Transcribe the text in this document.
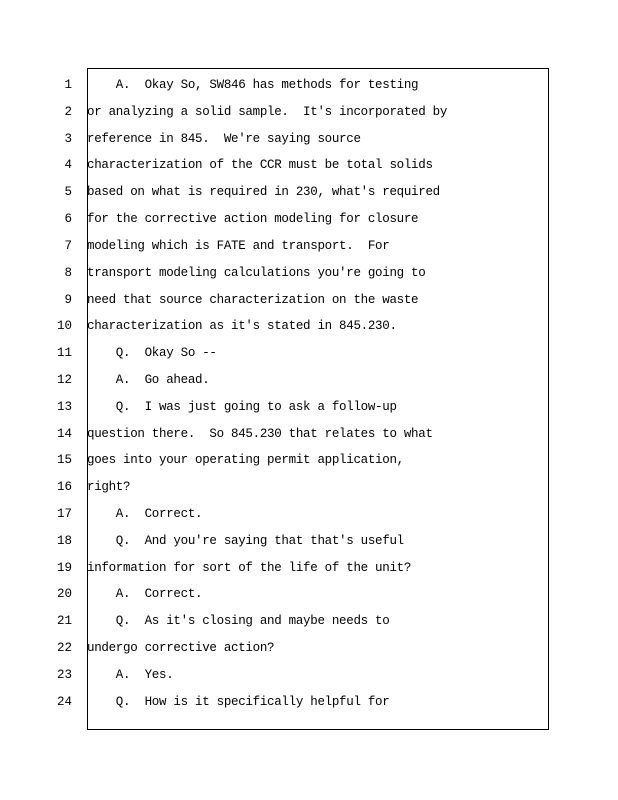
1 A.  Okay So, SW846 has methods for testing
2 or analyzing a solid sample.  It's incorporated by
3 reference in 845.  We're saying source
4 characterization of the CCR must be total solids
5 based on what is required in 230, what's required
6 for the corrective action modeling for closure
7 modeling which is FATE and transport.  For
8 transport modeling calculations you're going to
9 need that source characterization on the waste
10 characterization as it's stated in 845.230.
11 Q.  Okay So --
12 A.  Go ahead.
13 Q.  I was just going to ask a follow-up
14 question there.  So 845.230 that relates to what
15 goes into your operating permit application,
16 right?
17 A.  Correct.
18 Q.  And you're saying that that's useful
19 information for sort of the life of the unit?
20 A.  Correct.
21 Q.  As it's closing and maybe needs to
22 undergo corrective action?
23 A.  Yes.
24 Q.  How is it specifically helpful for
